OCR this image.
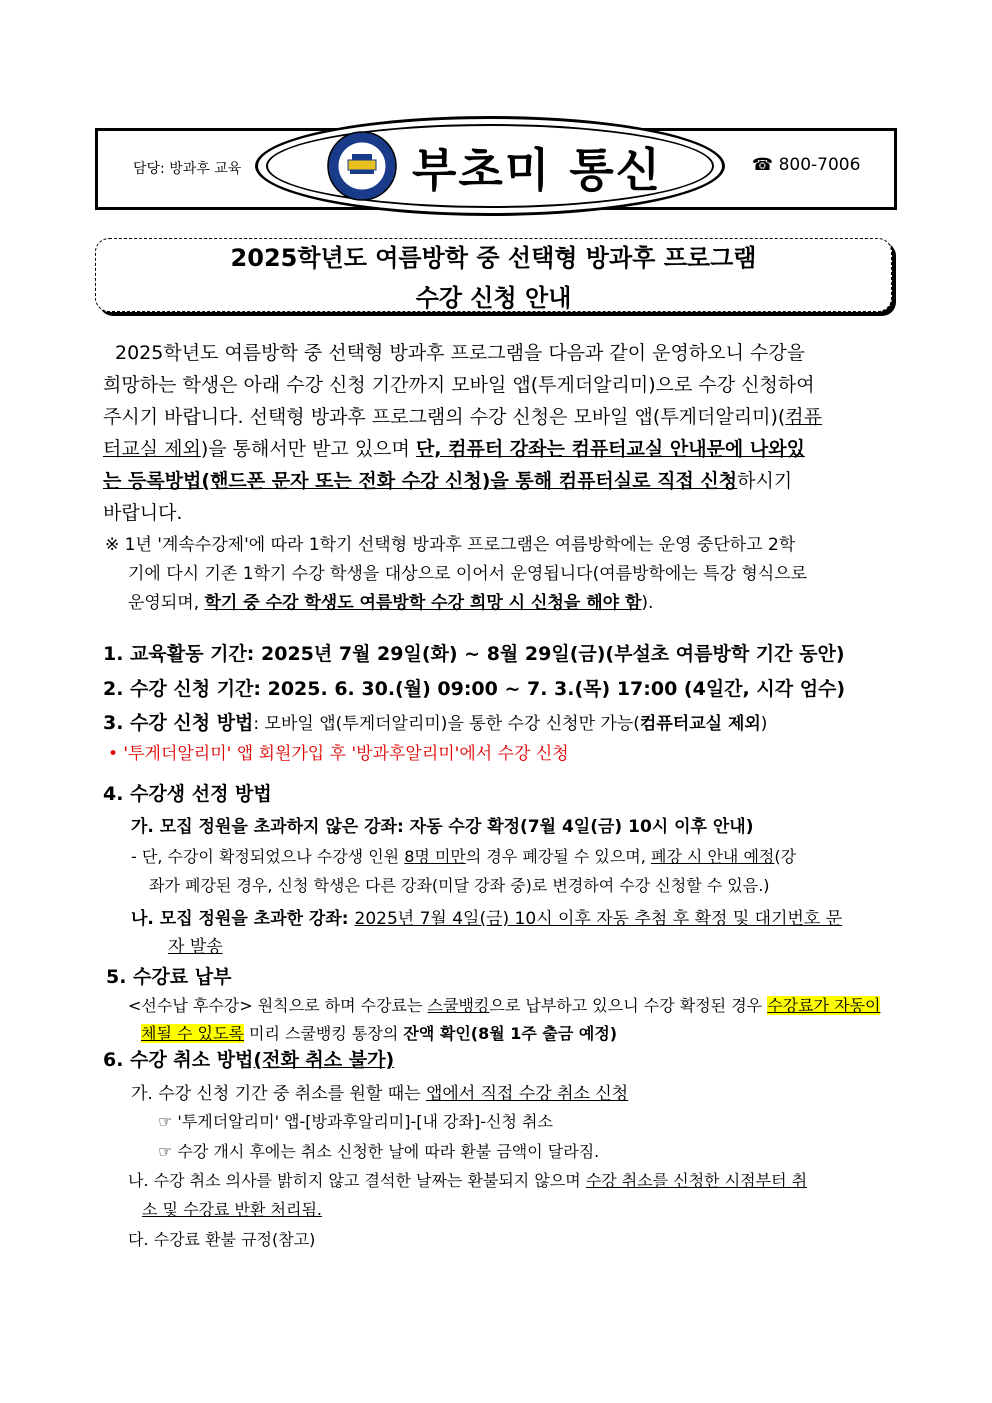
담당: 방과후 교육	☎ 800-7006
부초미 통신
2025학년도 여름방학 중 선택형 방과후 프로그램
수강 신청 안내
2025학년도 여름방학 중 선택형 방과후 프로그램을 다음과 같이 운영하오니 수강을
희망하는 학생은 아래 수강 신청 기간까지 모바일 앱(투게더알리미)으로 수강 신청하여
주시기 바랍니다. 선택형 방과후 프로그램의 수강 신청은 모바일 앱(투게더알리미)(컴퓨
터교실 제외)을 통해서만 받고 있으며 단, 컴퓨터 강좌는 컴퓨터교실 안내문에 나와있
는 등록방법(핸드폰 문자 또는 전화 수강 신청)을 통해 컴퓨터실로 직접 신청하시기
바랍니다.
※ 1년 '계속수강제'에 따라 1학기 선택형 방과후 프로그램은 여름방학에는 운영 중단하고 2학
기에 다시 기존 1학기 수강 학생을 대상으로 이어서 운영됩니다(여름방학에는 특강 형식으로
운영되며, 학기 중 수강 학생도 여름방학 수강 희망 시 신청을 해야 함).
1. 교육활동 기간: 2025년 7월 29일(화) ~ 8월 29일(금)(부설초 여름방학 기간 동안)
2. 수강 신청 기간: 2025. 6. 30.(월) 09:00 ~ 7. 3.(목) 17:00 (4일간, 시각 엄수)
3. 수강 신청 방법: 모바일 앱(투게더알리미)을 통한 수강 신청만 가능(컴퓨터교실 제외)
• '투게더알리미' 앱 회원가입 후 '방과후알리미'에서 수강 신청
4. 수강생 선정 방법
가. 모집 정원을 초과하지 않은 강좌: 자동 수강 확정(7월 4일(금) 10시 이후 안내)
- 단, 수강이 확정되었으나 수강생 인원 8명 미만의 경우 폐강될 수 있으며, 폐강 시 안내 예정(강
좌가 폐강된 경우, 신청 학생은 다른 강좌(미달 강좌 중)로 변경하여 수강 신청할 수 있음.)
나. 모집 정원을 초과한 강좌: 2025년 7월 4일(금) 10시 이후 자동 추첨 후 확정 및 대기번호 문
자 발송
5. 수강료 납부
<선수납 후수강> 원칙으로 하며 수강료는 스쿨뱅킹으로 납부하고 있으니 수강 확정된 경우 수강료가 자동이
체될 수 있도록 미리 스쿨뱅킹 통장의 잔액 확인(8월 1주 출금 예정)
6. 수강 취소 방법(전화 취소 불가)
가. 수강 신청 기간 중 취소를 원할 때는 앱에서 직접 수강 취소 신청
☞ '투게더알리미' 앱-[방과후알리미]-[내 강좌]-신청 취소
☞ 수강 개시 후에는 취소 신청한 날에 따라 환불 금액이 달라짐.
나. 수강 취소 의사를 밝히지 않고 결석한 날짜는 환불되지 않으며 수강 취소를 신청한 시점부터 취
소 및 수강료 반환 처리됨.
다. 수강료 환불 규정(참고)
